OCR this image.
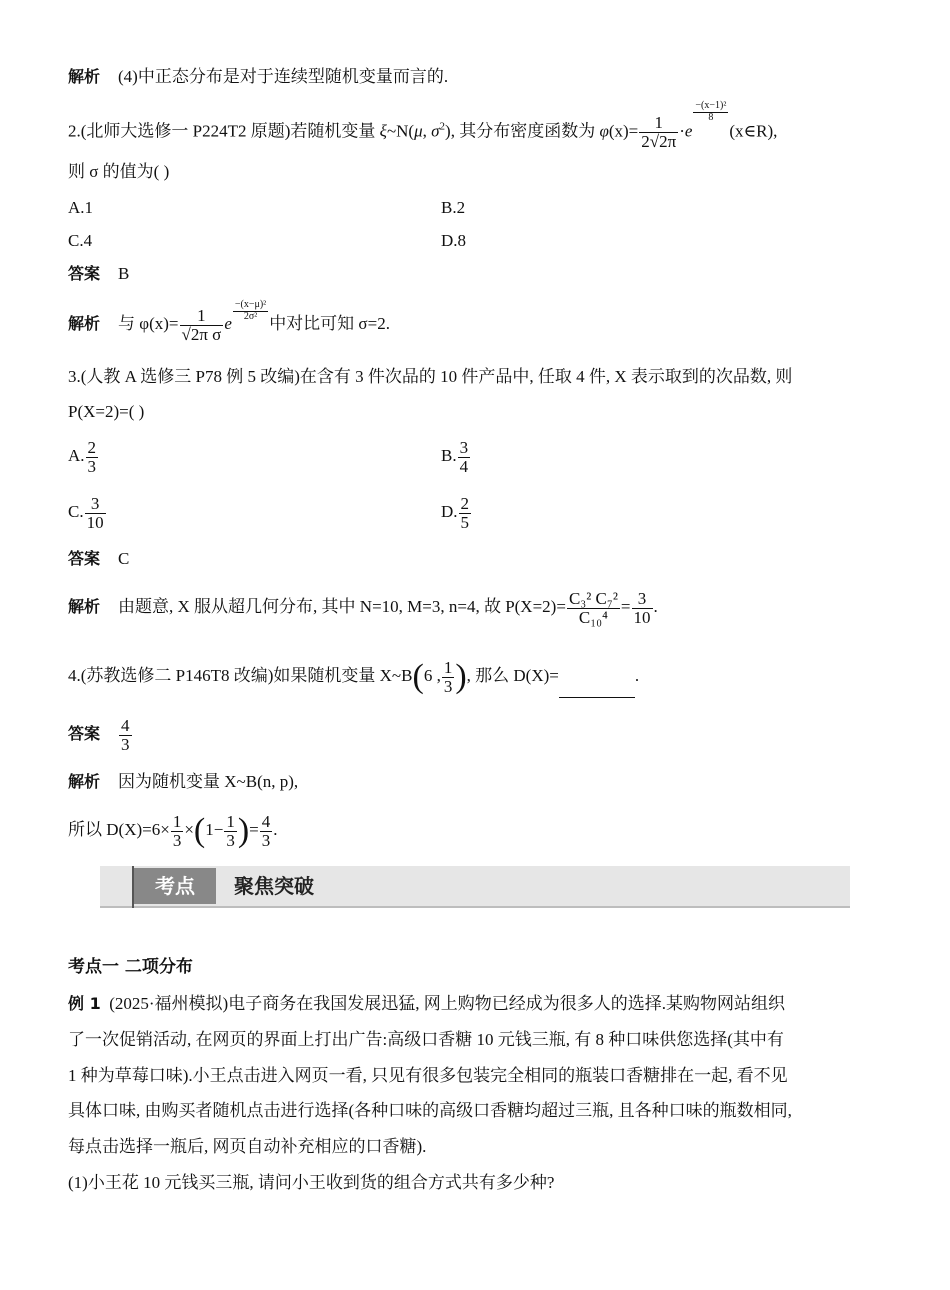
解析 (4)中正态分布是对于连续型随机变量而言的.
2.(北师大选修一 P224T2 原题)若随机变量 ξ~N(μ, $\sigma^2$), 其分布密度函数为 $\varphi(x)= \frac{1}{2√2\pi} \cdot e$
$\frac{\text{−(x−1)²}}{8}$
(x∈R),
则 σ 的值为( )
A.1	B.2
C.4	D.8
答案 B
解析 与 $\varphi(x)= \frac{1}{\text{√2π σ}}$ e
$\frac{\text{−(x−μ)²}}{\text{2σ²}}$
中对比可知 σ=2.
3.(人教 A 选修三 P78 例 5 改编)在含有 3 件次品的 10 件产品中, 任取 4 件, X 表示取到的次品数, 则
P(X=2)=( )
A. $\frac{2}{3}$	B. $\frac{3}{4}$
C. $\frac{3}{10}$	D. $\frac{2}{5}$
答案 C
解析 由题意, X 服从超几何分布, 其中 N=10, M=3, n=4, 故 $P(X=2)= \frac{\text{C₃² C₇²}}{\text{C₁₀⁴}} = \frac{3}{10}$ .
4.(苏教选修二 P146T8 改编)如果随机变量 X~B(6 , $\frac{1}{3}$ ), 那么 D(X)=	.
答案 $\frac{4}{3}$
解析 因为随机变量 X~B(n, p),
所以 $D(X)=6\times \frac{1}{3} \times(1- \frac{1}{3}$ )= $\frac{4}{3}$ .
考点	聚焦突破
考点一 二项分布
例 1 (2025·福州模拟)电子商务在我国发展迅猛, 网上购物已经成为很多人的选择.某购物网站组织
了一次促销活动, 在网页的界面上打出广告:高级口香糖 10 元钱三瓶, 有 8 种口味供您选择(其中有
1 种为草莓口味).小王点击进入网页一看, 只见有很多包装完全相同的瓶装口香糖排在一起, 看不见
具体口味, 由购买者随机点击进行选择(各种口味的高级口香糖均超过三瓶, 且各种口味的瓶数相同,
每点击选择一瓶后, 网页自动补充相应的口香糖).
(1)小王花 10 元钱买三瓶, 请问小王收到货的组合方式共有多少种?
